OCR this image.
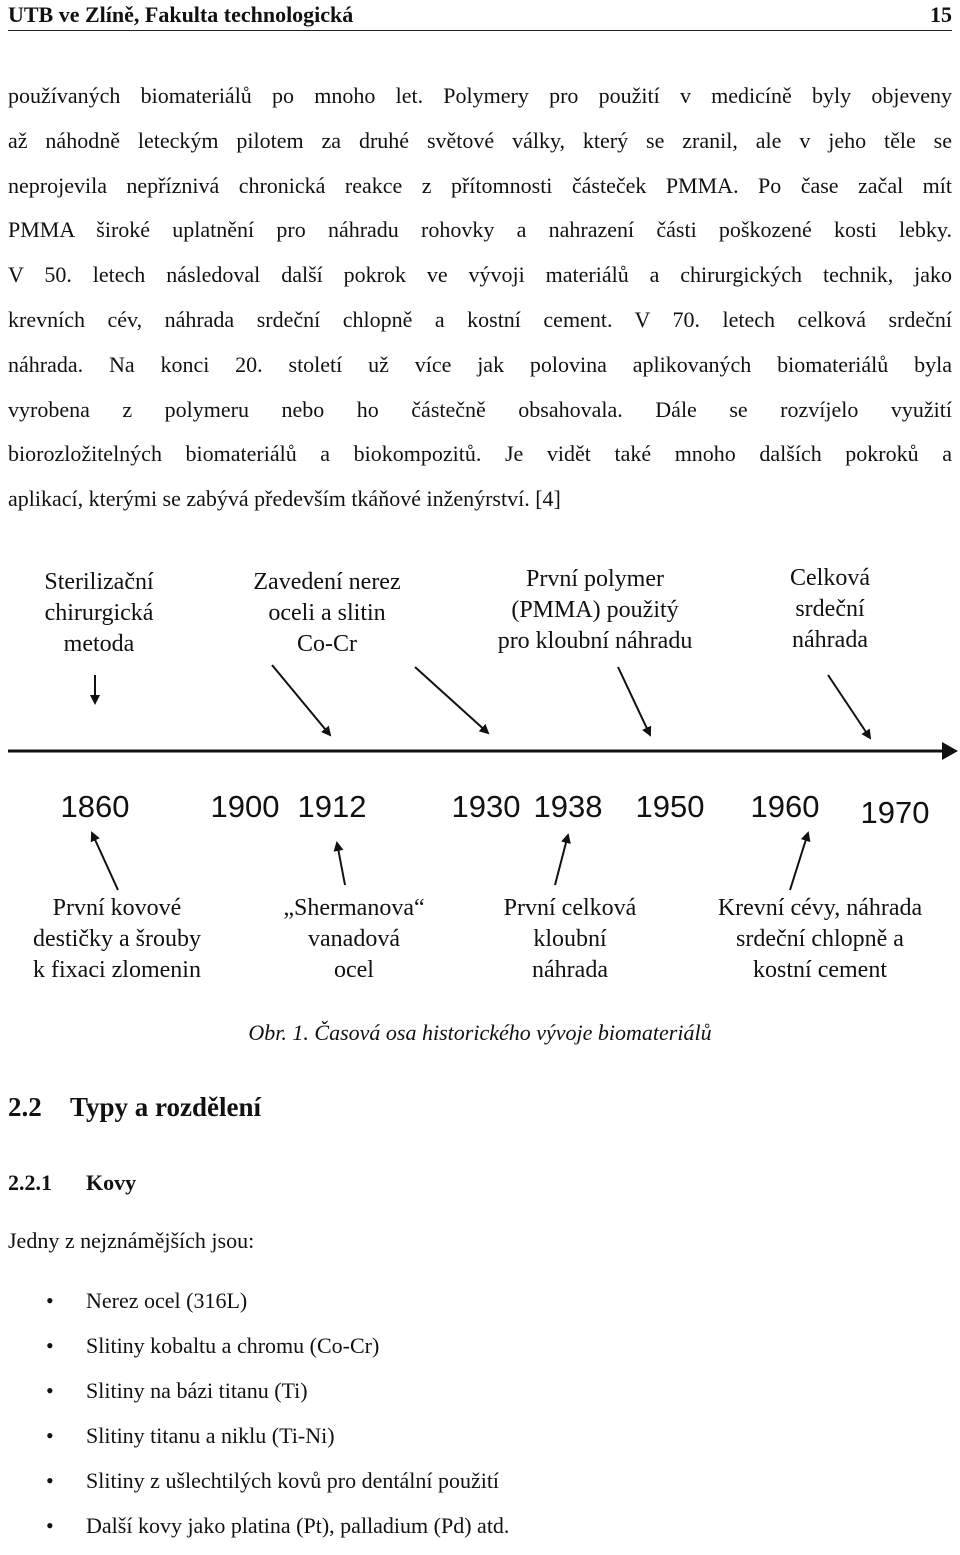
UTB ve Zlíně, Fakulta technologická	15
používaných biomateriálů po mnoho let. Polymery pro použití v medicíně byly objeveny
až náhodně leteckým pilotem za druhé světové války, který se zranil, ale v jeho těle se
neprojevila nepříznivá chronická reakce z přítomnosti částeček PMMA. Po čase začal mít
PMMA široké uplatnění pro náhradu rohovky a nahrazení části poškozené kosti lebky.
V 50. letech následoval další pokrok ve vývoji materiálů a chirurgických technik, jako
krevních cév, náhrada srdeční chlopně a kostní cement. V 70. letech celková srdeční
náhrada. Na konci 20. století už více jak polovina aplikovaných biomateriálů byla
vyrobena z polymeru nebo ho částečně obsahovala. Dále se rozvíjelo využití
biorozložitelných biomateriálů a biokompozitů. Je vidět také mnoho dalších pokroků a
aplikací, kterými se zabývá především tkáňové inženýrství. [4]
1860	1900 1912	1930 1938 1950 1960 1970
Sterilizační
chirurgická
metoda
Zavedení nerez
oceli a slitin
Co-Cr
První polymer
(PMMA) použitý
pro kloubní náhradu
Celková
srdeční
náhrada
První kovové
destičky a šrouby
k fixaci zlomenin
„Shermanova“
vanadová
ocel
První celková
kloubní
náhrada
Krevní cévy, náhrada
srdeční chlopně a
kostní cement
Obr. 1. Časová osa historického vývoje biomateriálů
2.2 Typy a rozdělení
2.2.1 Kovy
Jedny z nejznámějších jsou:
• Nerez ocel (316L)
• Slitiny kobaltu a chromu (Co-Cr)
• Slitiny na bázi titanu (Ti)
• Slitiny titanu a niklu (Ti-Ni)
• Slitiny z ušlechtilých kovů pro dentální použití
• Další kovy jako platina (Pt), palladium (Pd) atd.
